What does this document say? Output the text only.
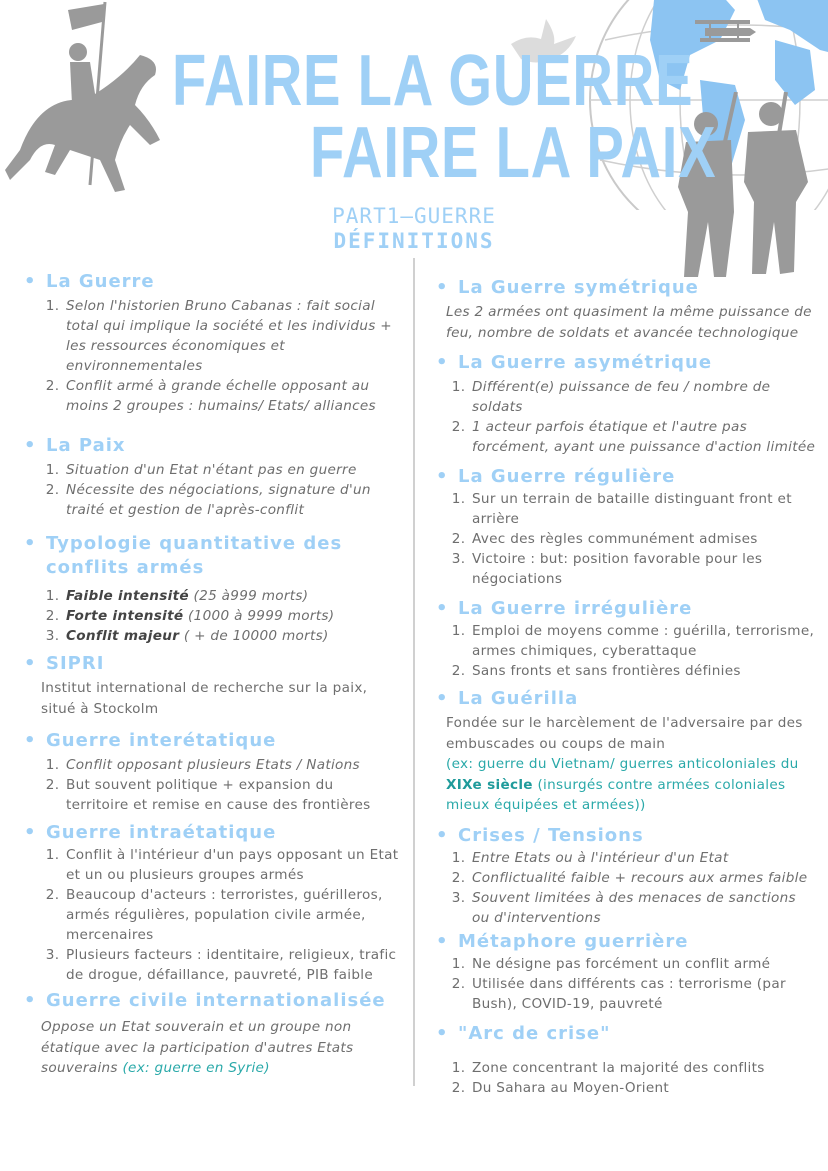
FAIRE LA GUERRE
FAIRE LA PAIX
PART1—GUERRE
DÉFINITIONS
• La Guerre
1. Selon l'historien Bruno Cabanas : fait social total qui implique la société et les individus + les ressources économiques et environnementales
2. Conflit armé à grande échelle opposant au moins 2 groupes : humains/ Etats/ alliances
• La Paix
1. Situation d'un Etat n'étant pas en guerre
2. Nécessite des négociations, signature d'un traité et gestion de l'après-conflit
• Typologie quantitative des conflits armés
1. Faible intensité (25 à999 morts)
2. Forte intensité (1000 à 9999 morts)
3. Conflit majeur ( + de 10000 morts)
• SIPRI
Institut international de recherche sur la paix, situé à Stockolm
• Guerre interétatique
1. Conflit opposant plusieurs Etats / Nations
2. But souvent politique + expansion du territoire et remise en cause des frontières
• Guerre intraétatique
1. Conflit à l'intérieur d'un pays opposant un Etat et un ou plusieurs groupes armés
2. Beaucoup d'acteurs : terroristes, guérilleros, armés régulières, population civile armée, mercenaires
3. Plusieurs facteurs : identitaire, religieux, trafic de drogue, défaillance, pauvreté, PIB faible
• Guerre civile internationalisée
Oppose un Etat souverain et un groupe non étatique avec la participation d'autres Etats souverains (ex: guerre en Syrie)
• La Guerre symétrique
Les 2 armées ont quasiment la même puissance de feu, nombre de soldats et avancée technologique
• La Guerre asymétrique
1. Différent(e) puissance de feu / nombre de soldats
2. 1 acteur parfois étatique et l'autre pas forcément, ayant une puissance d'action limitée
• La Guerre régulière
1. Sur un terrain de bataille distinguant front et arrière
2. Avec des règles communément admises
3. Victoire : but: position favorable pour les négociations
• La Guerre irrégulière
1. Emploi de moyens comme : guérilla, terrorisme, armes chimiques, cyberattaque
2. Sans fronts et sans frontières définies
• La Guérilla
Fondée sur le harcèlement de l'adversaire par des embuscades ou coups de main
(ex: guerre du Vietnam/ guerres anticoloniales du XIXe siècle (insurgés contre armées coloniales mieux équipées et armées))
• Crises / Tensions
1. Entre Etats ou à l'intérieur d'un Etat
2. Conflictualité faible + recours aux armes faible
3. Souvent limitées à des menaces de sanctions ou d'interventions
• Métaphore guerrière
1. Ne désigne pas forcément un conflit armé
2. Utilisée dans différents cas : terrorisme (par Bush), COVID-19, pauvreté
• "Arc de crise"
1. Zone concentrant la majorité des conflits
2. Du Sahara au Moyen-Orient
